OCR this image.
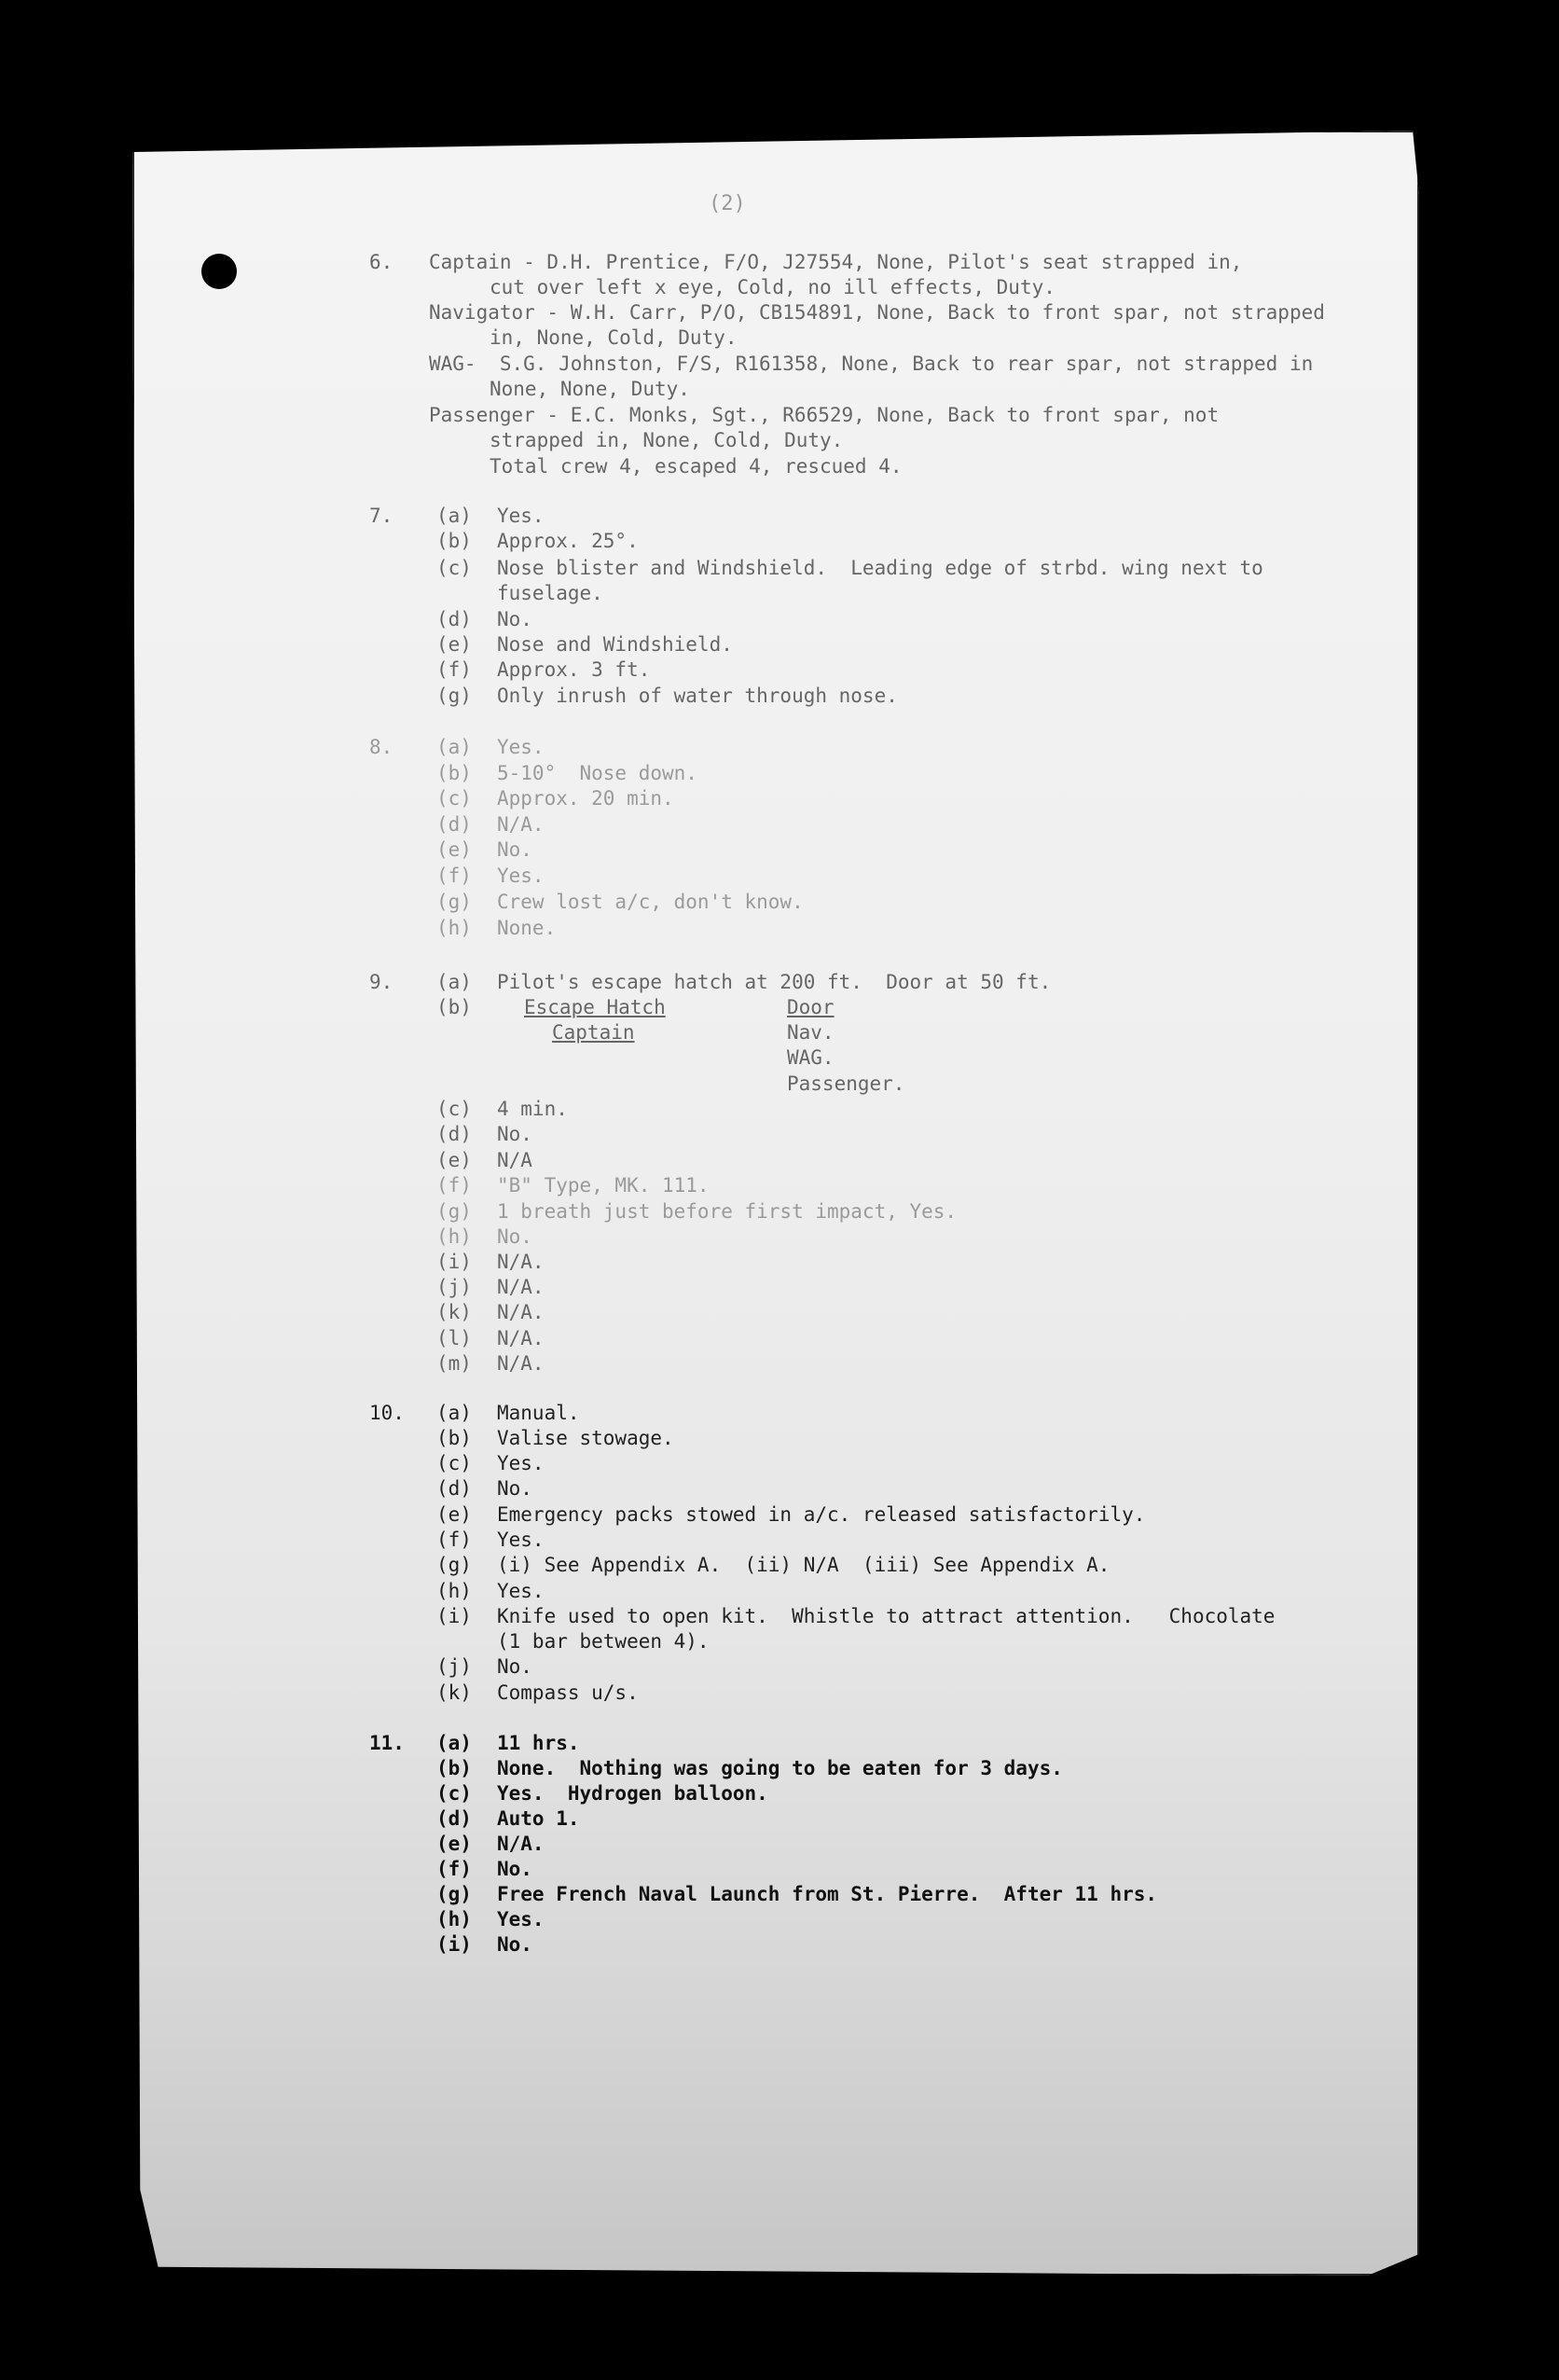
(2)
6. Captain - D.H. Prentice, F/O, J27554, None, Pilot's seat strapped in,
cut over left x eye, Cold, no ill effects, Duty.
Navigator - W.H. Carr, P/O, CB154891, None, Back to front spar, not strapped
in, None, Cold, Duty.
WAG-  S.G. Johnston, F/S, R161358, None, Back to rear spar, not strapped in
None, None, Duty.
Passenger - E.C. Monks, Sgt., R66529, None, Back to front spar, not
strapped in, None, Cold, Duty.
Total crew 4, escaped 4, rescued 4.
7. (a) Yes.
(b) Approx. 25°.
(c) Nose blister and Windshield.  Leading edge of strbd. wing next to
fuselage.
(d) No.
(e) Nose and Windshield.
(f) Approx. 3 ft.
(g) Only inrush of water through nose.
8. (a) Yes.
(b) 5-10°  Nose down.
(c) Approx. 20 min.
(d) N/A.
(e) No.
(f) Yes.
(g) Crew lost a/c, don't know.
(h) None.
9. (a) Pilot's escape hatch at 200 ft.  Door at 50 ft.
(b)	Escape Hatch
Captain
Door
Nav.
WAG.
Passenger.
(c) 4 min.
(d) No.
(e) N/A
(f) "B" Type, MK. 111.
(g) 1 breath just before first impact, Yes.
(h) No.
(i) N/A.
(j) N/A.
(k) N/A.
(l) N/A.
(m) N/A.
10. (a) Manual.
(b) Valise stowage.
(c) Yes.
(d) No.
(e) Emergency packs stowed in a/c. released satisfactorily.
(f) Yes.
(g) (i) See Appendix A.  (ii) N/A  (iii) See Appendix A.
(h) Yes.
(i) Knife used to open kit.  Whistle to attract attention.   Chocolate
(1 bar between 4).
(j) No.
(k) Compass u/s.
11. (a) 11 hrs.
(b) None.  Nothing was going to be eaten for 3 days.
(c) Yes.  Hydrogen balloon.
(d) Auto 1.
(e) N/A.
(f) No.
(g) Free French Naval Launch from St. Pierre.  After 11 hrs.
(h) Yes.
(i) No.
